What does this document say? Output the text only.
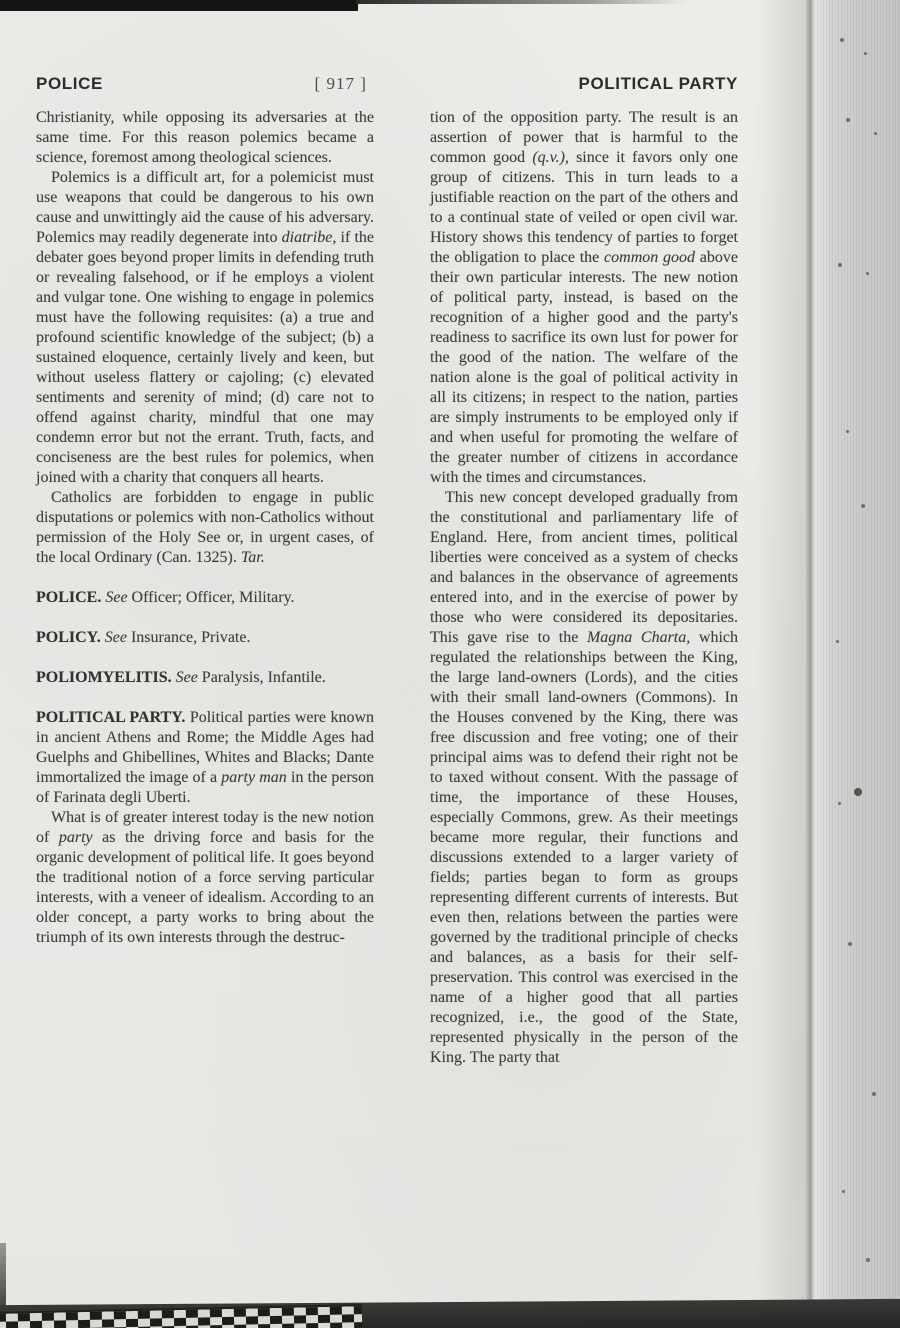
POLICE	[ 917 ]	POLITICAL PARTY

Christianity, while opposing its adversaries at the same time. For this reason polemics became a science, foremost among theological sciences.

Polemics is a difficult art, for a polemicist must use weapons that could be dangerous to his own cause and unwittingly aid the cause of his adversary. Polemics may readily degenerate into diatribe, if the debater goes beyond proper limits in defending truth or revealing falsehood, or if he employs a violent and vulgar tone. One wishing to engage in polemics must have the following requisites: (a) a true and profound scientific knowledge of the subject; (b) a sustained eloquence, certainly lively and keen, but without useless flattery or cajoling; (c) elevated sentiments and serenity of mind; (d) care not to offend against charity, mindful that one may condemn error but not the errant. Truth, facts, and conciseness are the best rules for polemics, when joined with a charity that conquers all hearts.

Catholics are forbidden to engage in public disputations or polemics with non-Catholics without permission of the Holy See or, in urgent cases, of the local Ordinary (Can. 1325). Tar.

POLICE. See Officer; Officer, Military.

POLICY. See Insurance, Private.

POLIOMYELITIS. See Paralysis, Infantile.

POLITICAL PARTY. Political parties were known in ancient Athens and Rome; the Middle Ages had Guelphs and Ghibellines, Whites and Blacks; Dante immortalized the image of a party man in the person of Farinata degli Uberti.

What is of greater interest today is the new notion of party as the driving force and basis for the organic development of political life. It goes beyond the traditional notion of a force serving particular interests, with a veneer of idealism. According to an older concept, a party works to bring about the triumph of its own interests through the destruc-

tion of the opposition party. The result is an assertion of power that is harmful to the common good (q.v.), since it favors only one group of citizens. This in turn leads to a justifiable reaction on the part of the others and to a continual state of veiled or open civil war. History shows this tendency of parties to forget the obligation to place the common good above their own particular interests. The new notion of political party, instead, is based on the recognition of a higher good and the party's readiness to sacrifice its own lust for power for the good of the nation. The welfare of the nation alone is the goal of political activity in all its citizens; in respect to the nation, parties are simply instruments to be employed only if and when useful for promoting the welfare of the greater number of citizens in accordance with the times and circumstances.

This new concept developed gradually from the constitutional and parliamentary life of England. Here, from ancient times, political liberties were conceived as a system of checks and balances in the observance of agreements entered into, and in the exercise of power by those who were considered its depositaries. This gave rise to the Magna Charta, which regulated the relationships between the King, the large land-owners (Lords), and the cities with their small land-owners (Commons). In the Houses convened by the King, there was free discussion and free voting; one of their principal aims was to defend their right not be to taxed without consent. With the passage of time, the importance of these Houses, especially Commons, grew. As their meetings became more regular, their functions and discussions extended to a larger variety of fields; parties began to form as groups representing different currents of interests. But even then, relations between the parties were governed by the traditional principle of checks and balances, as a basis for their self-preservation. This control was exercised in the name of a higher good that all parties recognized, i.e., the good of the State, represented physically in the person of the King. The party that
